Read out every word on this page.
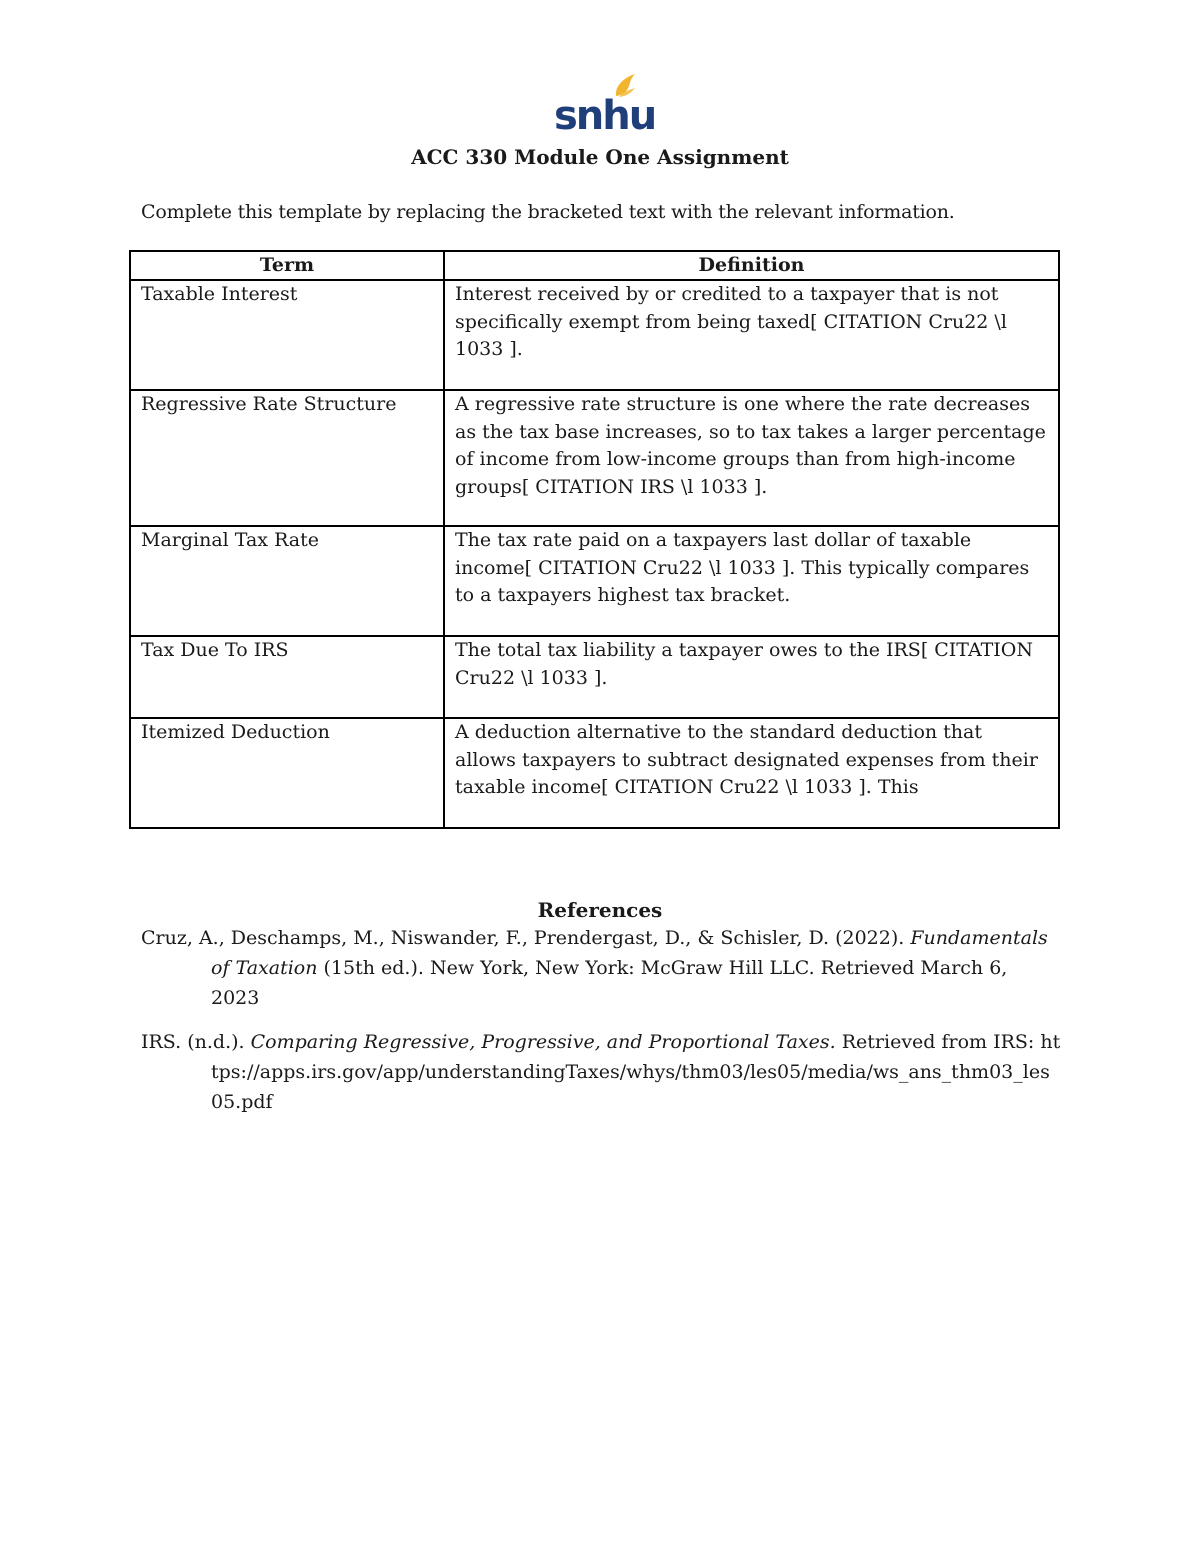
snhu
ACC 330 Module One Assignment
Complete this template by replacing the bracketed text with the relevant information.
Term	Definition
Taxable Interest	Interest received by or credited to a taxpayer that is not specifically exempt from being taxed[ CITATION Cru22 \l 1033 ].
Regressive Rate Structure	A regressive rate structure is one where the rate decreases as the tax base increases, so to tax takes a larger percentage of income from low-income groups than from high-income groups[ CITATION IRS \l 1033 ].
Marginal Tax Rate	The tax rate paid on a taxpayers last dollar of taxable income[ CITATION Cru22 \l 1033 ]. This typically compares to a taxpayers highest tax bracket.
Tax Due To IRS	The total tax liability a taxpayer owes to the IRS[ CITATION Cru22 \l 1033 ].
Itemized Deduction	A deduction alternative to the standard deduction that allows taxpayers to subtract designated expenses from their taxable income[ CITATION Cru22 \l 1033 ]. This
References
Cruz, A., Deschamps, M., Niswander, F., Prendergast, D., & Schisler, D. (2022). Fundamentals of Taxation (15th ed.). New York, New York: McGraw Hill LLC. Retrieved March 6, 2023
IRS. (n.d.). Comparing Regressive, Progressive, and Proportional Taxes. Retrieved from IRS: https://apps.irs.gov/app/understandingTaxes/whys/thm03/les05/media/ws_ans_thm03_les05.pdf
